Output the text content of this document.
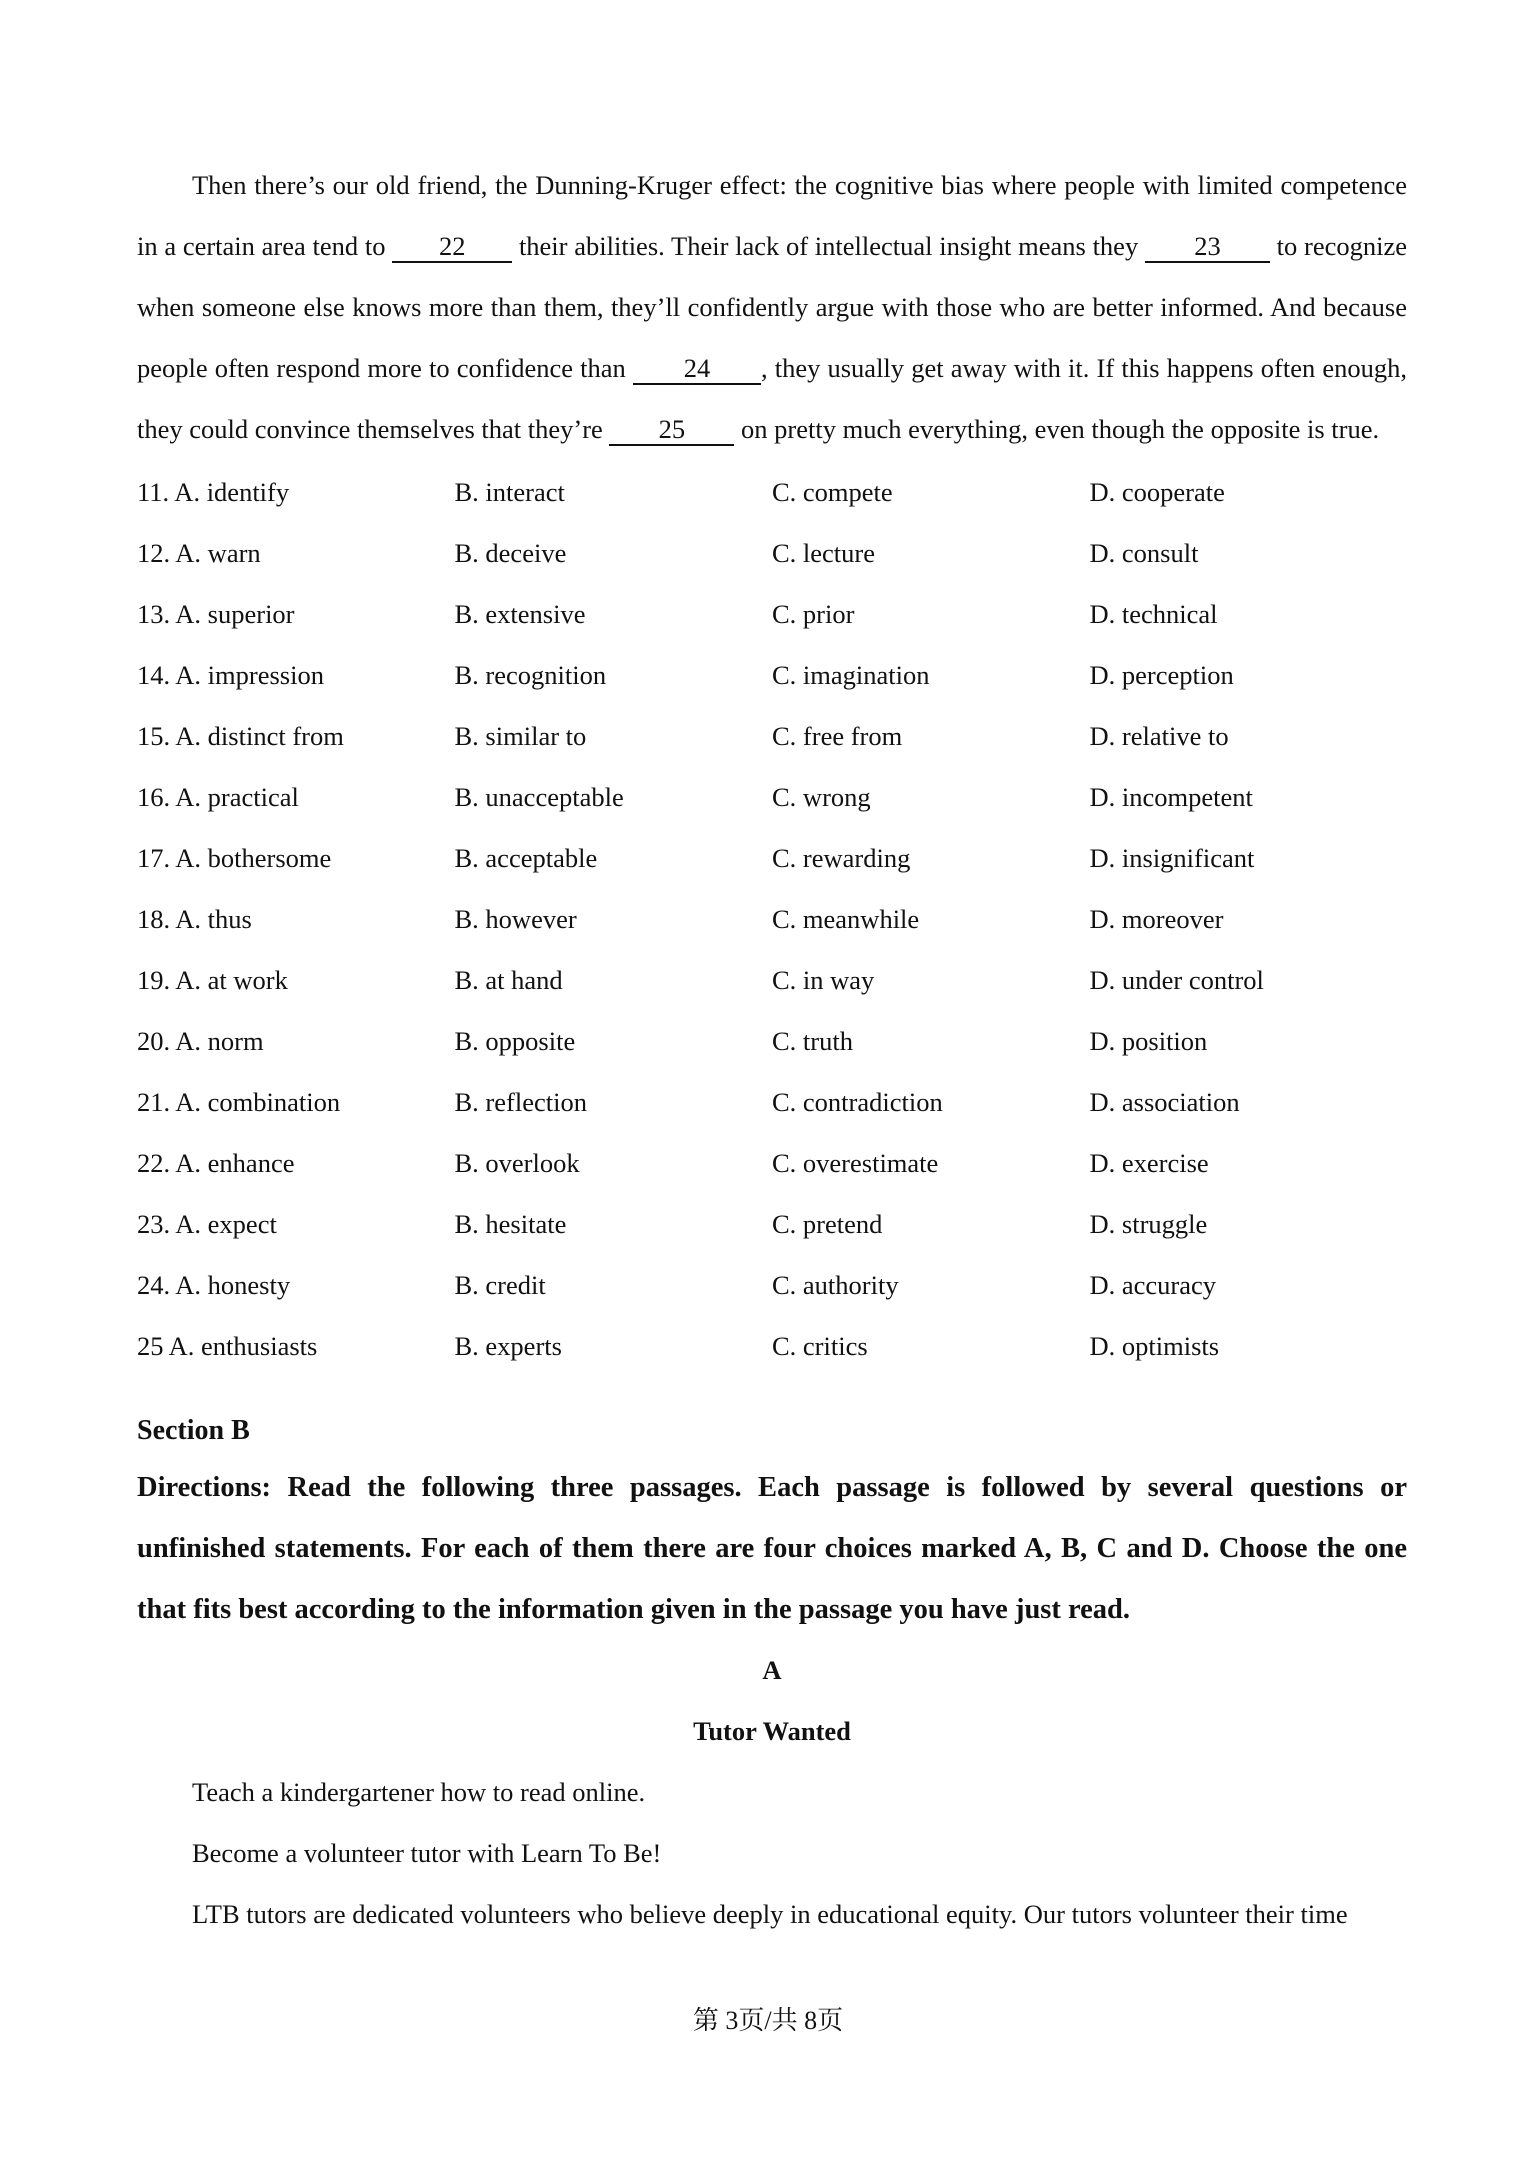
Then there’s our old friend, the Dunning-Kruger effect: the cognitive bias where people with limited competence in a certain area tend to 22 their abilities. Their lack of intellectual insight means they 23 to recognize when someone else knows more than them, they’ll confidently argue with those who are better informed. And because people often respond more to confidence than 24 , they usually get away with it. If this happens often enough, they could convince themselves that they’re 25 on pretty much everything, even though the opposite is true.

11. A. identify	B. interact	C. compete	D. cooperate
12. A. warn	B. deceive	C. lecture	D. consult
13. A. superior	B. extensive	C. prior	D. technical
14. A. impression	B. recognition	C. imagination	D. perception
15. A. distinct from	B. similar to	C. free from	D. relative to
16. A. practical	B. unacceptable	C. wrong	D. incompetent
17. A. bothersome	B. acceptable	C. rewarding	D. insignificant
18. A. thus	B. however	C. meanwhile	D. moreover
19. A. at work	B. at hand	C. in way	D. under control
20. A. norm	B. opposite	C. truth	D. position
21. A. combination	B. reflection	C. contradiction	D. association
22. A. enhance	B. overlook	C. overestimate	D. exercise
23. A. expect	B. hesitate	C. pretend	D. struggle
24. A. honesty	B. credit	C. authority	D. accuracy
25 A. enthusiasts	B. experts	C. critics	D. optimists
Section B

Directions: Read the following three passages. Each passage is followed by several questions or unfinished statements. For each of them there are four choices marked A, B, C and D. Choose the one that fits best according to the information given in the passage you have just read.

A
Tutor Wanted
Teach a kindergartener how to read online.
Become a volunteer tutor with Learn To Be!
LTB tutors are dedicated volunteers who believe deeply in educational equity. Our tutors volunteer their time
第 3页/共 8页
